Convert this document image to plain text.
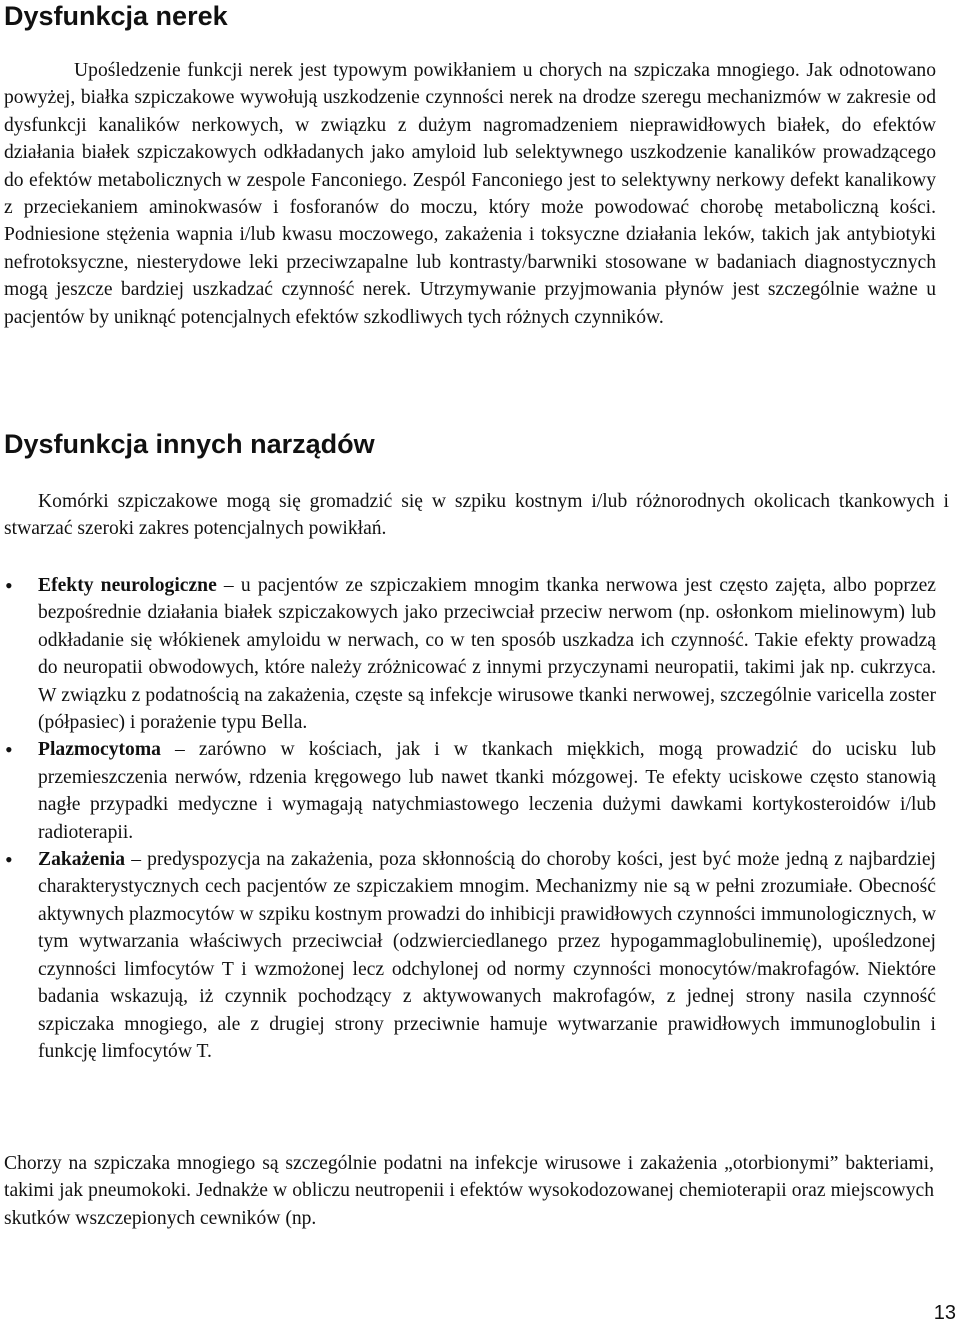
Dysfunkcja nerek

Upośledzenie funkcji nerek jest typowym powikłaniem u chorych na szpiczaka mnogiego. Jak odnotowano powyżej, białka szpiczakowe wywołują uszkodzenie czynności nerek na drodze szeregu mechanizmów w zakresie od dysfunkcji kanalików nerkowych, w związku z dużym nagromadzeniem nieprawidłowych białek, do efektów działania białek szpiczakowych odkładanych jako amyloid lub selektywnego uszkodzenie kanalików prowadzącego do efektów metabolicznych w zespole Fanconiego. Zespól Fanconiego jest to selektywny nerkowy defekt kanalikowy z przeciekaniem aminokwasów i fosforanów do moczu, który może powodować chorobę metaboliczną kości. Podniesione stężenia wapnia i/lub kwasu moczowego, zakażenia i toksyczne działania leków, takich jak antybiotyki nefrotoksyczne, niesterydowe leki przeciwzapalne lub kontrasty/barwniki stosowane w badaniach diagnostycznych mogą jeszcze bardziej uszkadzać czynność nerek. Utrzymywanie przyjmowania płynów jest szczególnie ważne u pacjentów by uniknąć potencjalnych efektów szkodliwych tych różnych czynników.

Dysfunkcja innych narządów

Komórki szpiczakowe mogą się gromadzić się w szpiku kostnym i/lub różnorodnych okolicach tkankowych i stwarzać szeroki zakres potencjalnych powikłań.

• Efekty neurologiczne – u pacjentów ze szpiczakiem mnogim tkanka nerwowa jest często zajęta, albo poprzez bezpośrednie działania białek szpiczakowych jako przeciwciał przeciw nerwom (np. osłonkom mielinowym) lub odkładanie się włókienek amyloidu w nerwach, co w ten sposób uszkadza ich czynność. Takie efekty prowadzą do neuropatii obwodowych, które należy zróżnicować z innymi przyczynami neuropatii, takimi jak np. cukrzyca. W związku z podatnością na zakażenia, częste są infekcje wirusowe tkanki nerwowej, szczególnie varicella zoster (półpasiec) i porażenie typu Bella.
• Plazmocytoma – zarówno w kościach, jak i w tkankach miękkich, mogą prowadzić do ucisku lub przemieszczenia nerwów, rdzenia kręgowego lub nawet tkanki mózgowej. Te efekty uciskowe często stanowią nagłe przypadki medyczne i wymagają natychmiastowego leczenia dużymi dawkami kortykosteroidów i/lub radioterapii.
• Zakażenia – predyspozycja na zakażenia, poza skłonnością do choroby kości, jest być może jedną z najbardziej charakterystycznych cech pacjentów ze szpiczakiem mnogim. Mechanizmy nie są w pełni zrozumiałe. Obecność aktywnych plazmocytów w szpiku kostnym prowadzi do inhibicji prawidłowych czynności immunologicznych, w tym wytwarzania właściwych przeciwciał (odzwierciedlanego przez hypogammaglobulinemię), upośledzonej czynności limfocytów T i wzmożonej lecz odchylonej od normy czynności monocytów/makrofagów. Niektóre badania wskazują, iż czynnik pochodzący z aktywowanych makrofagów, z jednej strony nasila czynność szpiczaka mnogiego, ale z drugiej strony przeciwnie hamuje wytwarzanie prawidłowych immunoglobulin i funkcję limfocytów T.

Chorzy na szpiczaka mnogiego są szczególnie podatni na infekcje wirusowe i zakażenia „otorbionymi” bakteriami, takimi jak pneumokoki. Jednakże w obliczu neutropenii i efektów wysokodozowanej chemioterapii oraz miejscowych skutków wszczepionych cewników (np.

13
